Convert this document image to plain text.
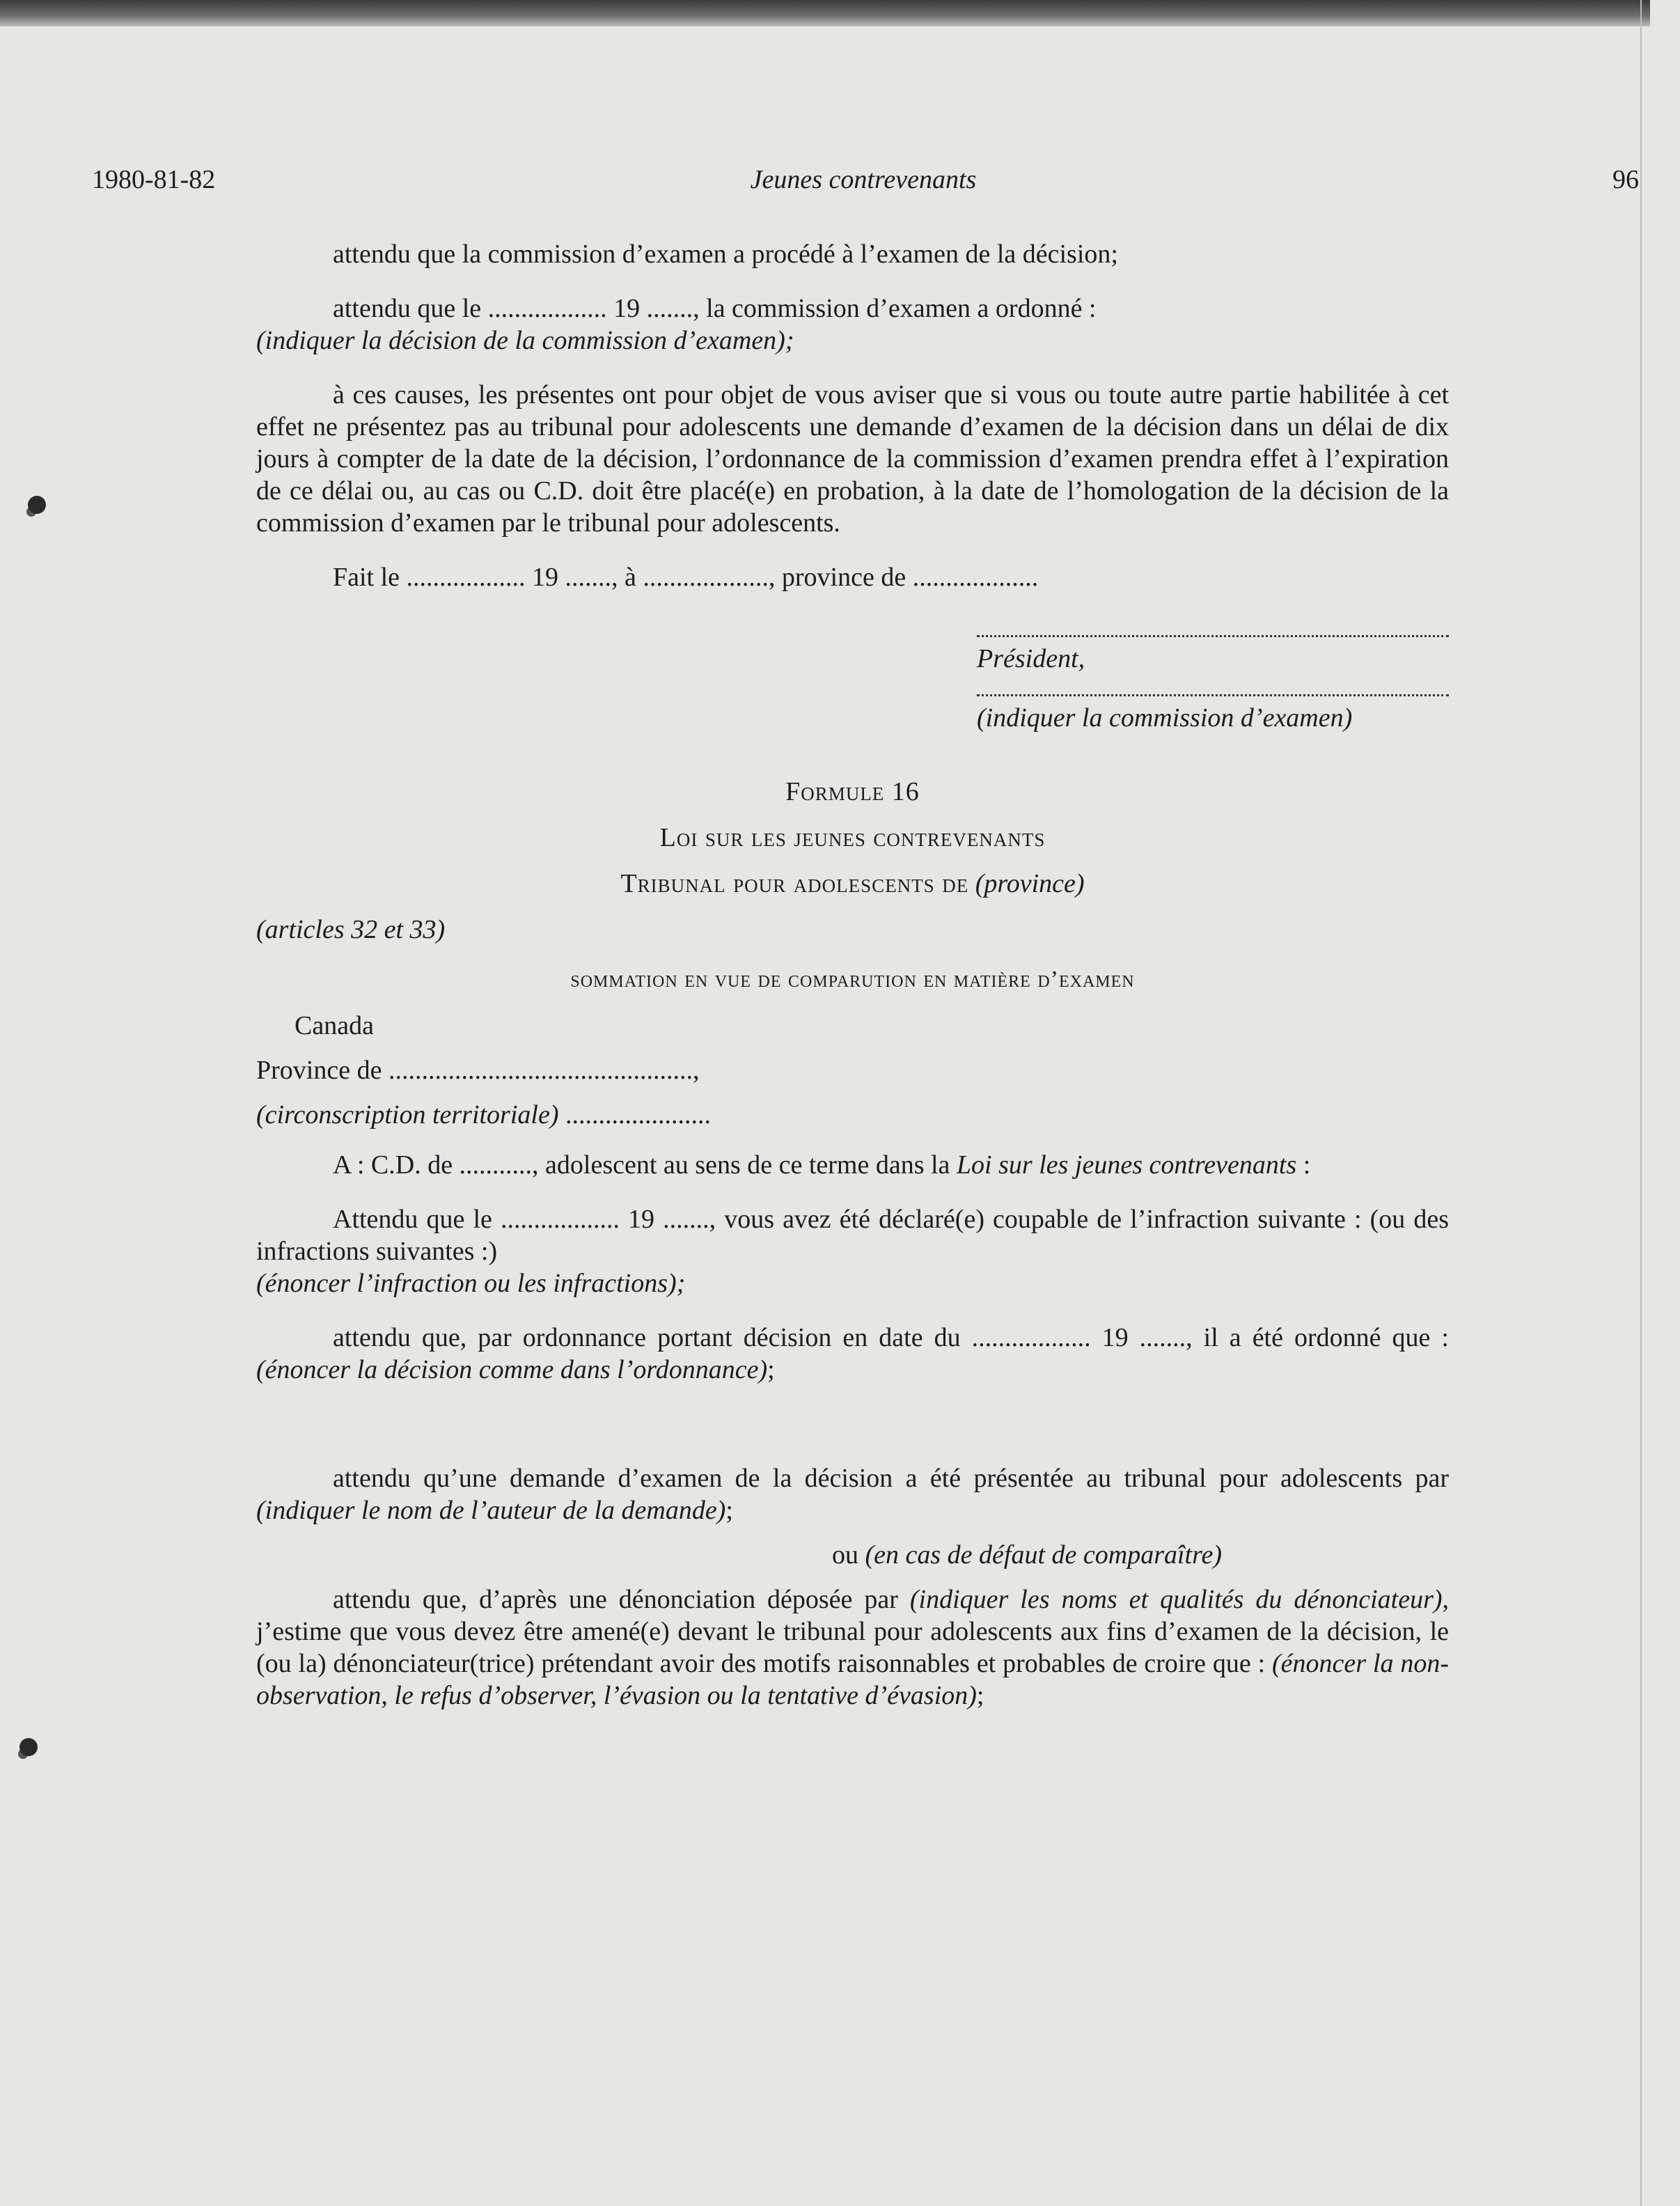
1980-81-82	Jeunes contrevenants	96

attendu que la commission d’examen a procédé à l’examen de la décision;

attendu que le .................. 19 ......., la commission d’examen a ordonné :

(indiquer la décision de la commission d’examen);

à ces causes, les présentes ont pour objet de vous aviser que si vous ou toute autre partie habilitée à cet effet ne présentez pas au tribunal pour adolescents une demande d’examen de la décision dans un délai de dix jours à compter de la date de la décision, l’ordonnance de la commission d’examen prendra effet à l’expiration de ce délai ou, au cas ou C.D. doit être placé(e) en probation, à la date de l’homologation de la décision de la commission d’examen par le tribunal pour adolescents.

Fait le .................. 19 ......., à ..................., province de ...................

Président,
(indiquer la commission d’examen)

Formule 16

Loi sur les jeunes contrevenants

Tribunal pour adolescents de (province)

(articles 32 et 33)

sommation en vue de comparution en matière d’examen

Canada

Province de ..............................................,

(circonscription territoriale) ......................

A : C.D. de ..........., adolescent au sens de ce terme dans la Loi sur les jeunes contrevenants :

Attendu que le .................. 19 ......., vous avez été déclaré(e) coupable de l’infraction suivante : (ou des infractions suivantes :)

(énoncer l’infraction ou les infractions);

attendu que, par ordonnance portant décision en date du .................. 19 ......., il a été ordonné que : (énoncer la décision comme dans l’ordonnance);

attendu qu’une demande d’examen de la décision a été présentée au tribunal pour adolescents par (indiquer le nom de l’auteur de la demande);

ou (en cas de défaut de comparaître)

attendu que, d’après une dénonciation déposée par (indiquer les noms et qualités du dénonciateur), j’estime que vous devez être amené(e) devant le tribunal pour adolescents aux fins d’examen de la décision, le (ou la) dénonciateur(trice) prétendant avoir des motifs raisonnables et probables de croire que : (énoncer la non-observation, le refus d’observer, l’évasion ou la tentative d’évasion);
